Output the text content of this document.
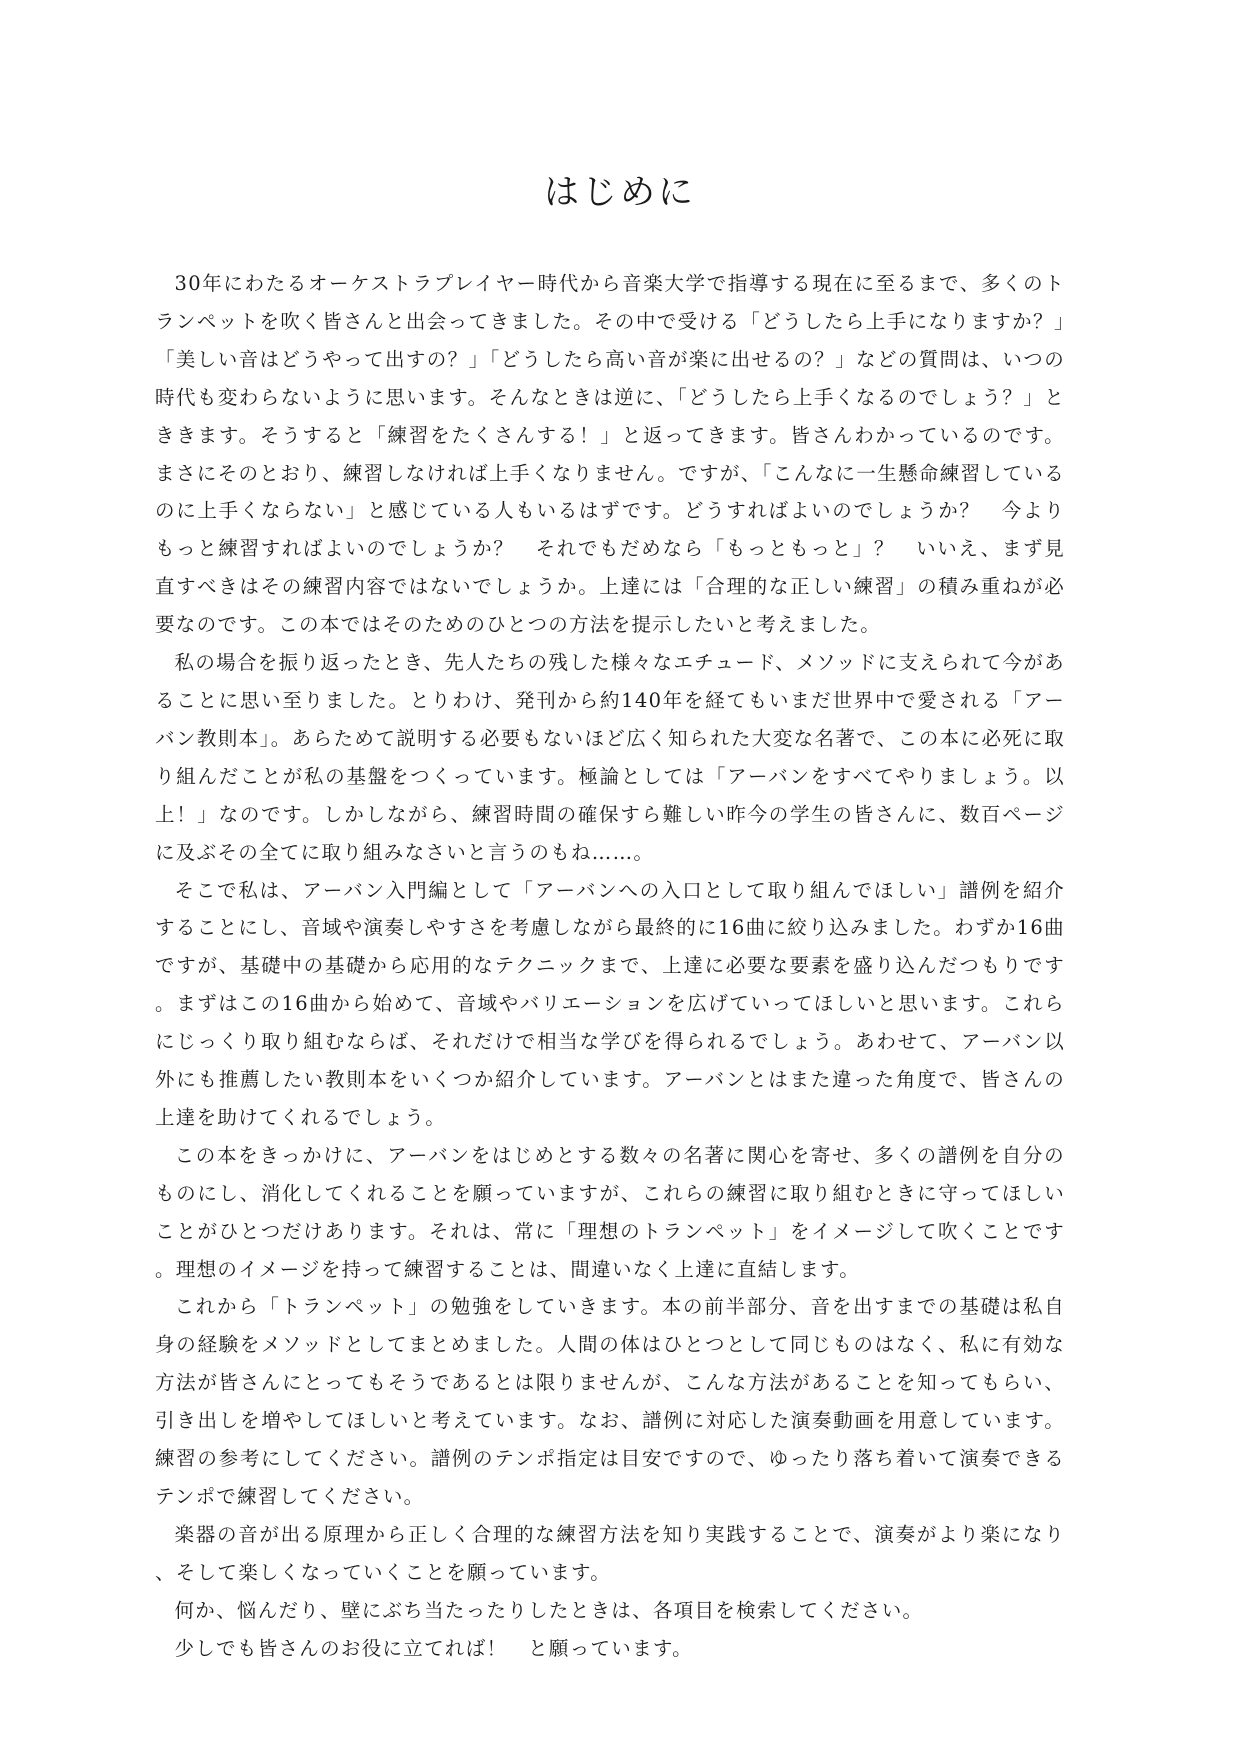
はじめに

30年にわたるオーケストラプレイヤー時代から音楽大学で指導する現在に至るまで、多くのトランペットを吹く皆さんと出会ってきました。その中で受ける「どうしたら上手になりますか？」「美しい音はどうやって出すの？」「どうしたら高い音が楽に出せるの？」などの質問は、いつの時代も変わらないように思います。そんなときは逆に、「どうしたら上手くなるのでしょう？」とききます。そうすると「練習をたくさんする！」と返ってきます。皆さんわかっているのです。まさにそのとおり、練習しなければ上手くなりません。ですが、「こんなに一生懸命練習しているのに上手くならない」と感じている人もいるはずです。どうすればよいのでしょうか？　今よりもっと練習すればよいのでしょうか？　それでもだめなら「もっともっと」？　いいえ、まず見直すべきはその練習内容ではないでしょうか。上達には「合理的な正しい練習」の積み重ねが必要なのです。この本ではそのためのひとつの方法を提示したいと考えました。

私の場合を振り返ったとき、先人たちの残した様々なエチュード、メソッドに支えられて今があることに思い至りました。とりわけ、発刊から約140年を経てもいまだ世界中で愛される「アーバン教則本」。あらためて説明する必要もないほど広く知られた大変な名著で、この本に必死に取り組んだことが私の基盤をつくっています。極論としては「アーバンをすべてやりましょう。以上！」なのです。しかしながら、練習時間の確保すら難しい昨今の学生の皆さんに、数百ページに及ぶその全てに取り組みなさいと言うのもね……。

そこで私は、アーバン入門編として「アーバンへの入口として取り組んでほしい」譜例を紹介することにし、音域や演奏しやすさを考慮しながら最終的に16曲に絞り込みました。わずか16曲ですが、基礎中の基礎から応用的なテクニックまで、上達に必要な要素を盛り込んだつもりです。まずはこの16曲から始めて、音域やバリエーションを広げていってほしいと思います。これらにじっくり取り組むならば、それだけで相当な学びを得られるでしょう。あわせて、アーバン以外にも推薦したい教則本をいくつか紹介しています。アーバンとはまた違った角度で、皆さんの上達を助けてくれるでしょう。

この本をきっかけに、アーバンをはじめとする数々の名著に関心を寄せ、多くの譜例を自分のものにし、消化してくれることを願っていますが、これらの練習に取り組むときに守ってほしいことがひとつだけあります。それは、常に「理想のトランペット」をイメージして吹くことです。理想のイメージを持って練習することは、間違いなく上達に直結します。

これから「トランペット」の勉強をしていきます。本の前半部分、音を出すまでの基礎は私自身の経験をメソッドとしてまとめました。人間の体はひとつとして同じものはなく、私に有効な方法が皆さんにとってもそうであるとは限りませんが、こんな方法があることを知ってもらい、引き出しを増やしてほしいと考えています。なお、譜例に対応した演奏動画を用意しています。練習の参考にしてください。譜例のテンポ指定は目安ですので、ゆったり落ち着いて演奏できるテンポで練習してください。

楽器の音が出る原理から正しく合理的な練習方法を知り実践することで、演奏がより楽になり、そして楽しくなっていくことを願っています。

何か、悩んだり、壁にぶち当たったりしたときは、各項目を検索してください。

少しでも皆さんのお役に立てれば！　と願っています。
